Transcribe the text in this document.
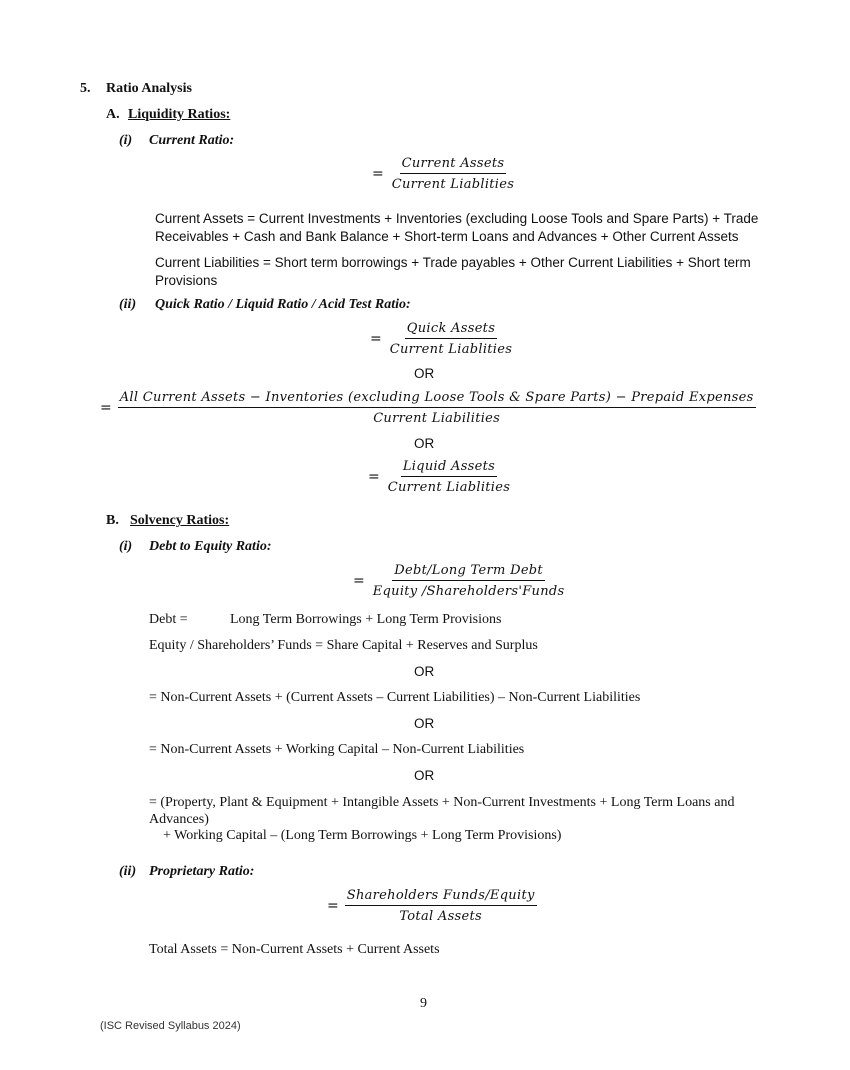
5. Ratio Analysis
A. Liquidity Ratios:
(i) Current Ratio:
= $\frac{\text{Current Assets}}{\text{Current Liablities}}$
Current Assets = Current Investments + Inventories (excluding Loose Tools and Spare Parts) + Trade Receivables + Cash and Bank Balance + Short-term Loans and Advances + Other Current Assets
Current Liabilities = Short term borrowings + Trade payables + Other Current Liabilities + Short term Provisions
(ii) Quick Ratio / Liquid Ratio / Acid Test Ratio:
= $\frac{\text{Quick Assets}}{\text{Current Liablities}}$
OR
=
All Current Assets − Inventories (excluding Loose Tools & Spare Parts) − Prepaid Expenses
Current Liabilities
OR
= $\frac{\text{Liquid Assets}}{\text{Current Liablities}}$
B. Solvency Ratios:
(i) Debt to Equity Ratio:
= $\frac{\text{Debt/Long Term Debt}}{\text{Equity /Shareholders'Funds}}$
Debt =	Long Term Borrowings + Long Term Provisions
Equity / Shareholders’ Funds = Share Capital + Reserves and Surplus
OR
= Non-Current Assets + (Current Assets – Current Liabilities) – Non-Current Liabilities
OR
= Non-Current Assets + Working Capital – Non-Current Liabilities
OR
= (Property, Plant & Equipment + Intangible Assets + Non-Current Investments + Long Term Loans and Advances)
+ Working Capital – (Long Term Borrowings + Long Term Provisions)
(ii) Proprietary Ratio:
= $\frac{\text{Shareholders Funds/Equity}}{\text{Total Assets}}$
Total Assets = Non-Current Assets + Current Assets
9
(ISC Revised Syllabus 2024)
